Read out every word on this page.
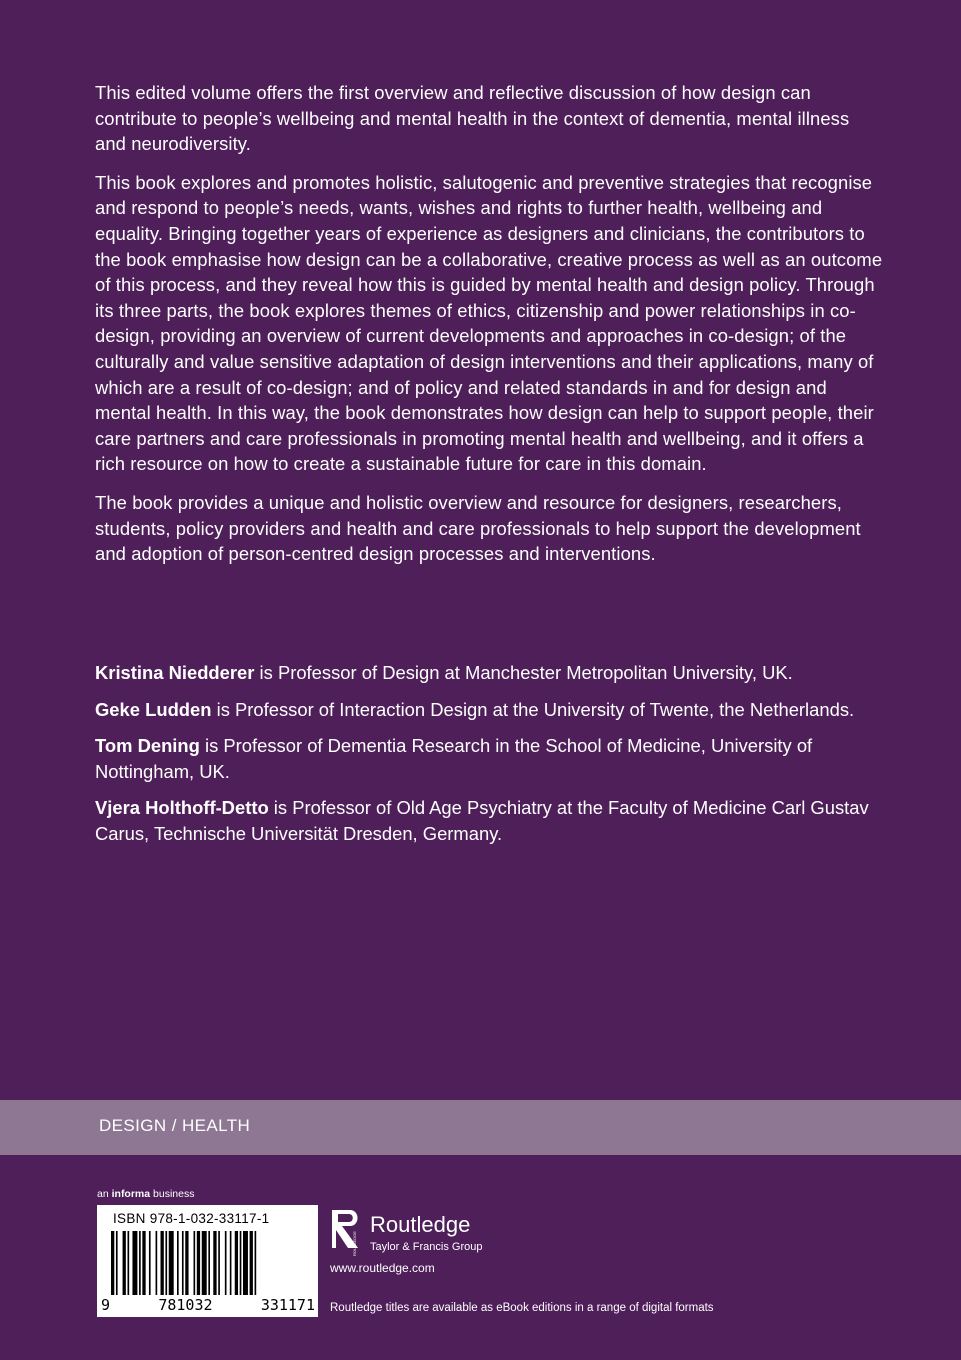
This edited volume offers the first overview and reflective discussion of how design can contribute to people’s wellbeing and mental health in the context of dementia, mental illness and neurodiversity.

This book explores and promotes holistic, salutogenic and preventive strategies that recognise and respond to people’s needs, wants, wishes and rights to further health, wellbeing and equality. Bringing together years of experience as designers and clinicians, the contributors to the book emphasise how design can be a collaborative, creative process as well as an outcome of this process, and they reveal how this is guided by mental health and design policy. Through its three parts, the book explores themes of ethics, citizenship and power relationships in co-design, providing an overview of current developments and approaches in co-design; of the culturally and value sensitive adaptation of design interventions and their applications, many of which are a result of co-design; and of policy and related standards in and for design and mental health. In this way, the book demonstrates how design can help to support people, their care partners and care professionals in promoting mental health and wellbeing, and it offers a rich resource on how to create a sustainable future for care in this domain.

The book provides a unique and holistic overview and resource for designers, researchers, students, policy providers and health and care professionals to help support the development and adoption of person-centred design processes and interventions.

Kristina Niedderer is Professor of Design at Manchester Metropolitan University, UK.

Geke Ludden is Professor of Interaction Design at the University of Twente, the Netherlands.

Tom Dening is Professor of Dementia Research in the School of Medicine, University of Nottingham, UK.

Vjera Holthoff-Detto is Professor of Old Age Psychiatry at the Faculty of Medicine Carl Gustav Carus, Technische Universität Dresden, Germany.

DESIGN / HEALTH
an informa business
ISBN 978-1-032-33117-1
9	781032	331171
ROUTLEDGE
Routledge
Taylor & Francis Group
www.routledge.com
Routledge titles are available as eBook editions in a range of digital formats
